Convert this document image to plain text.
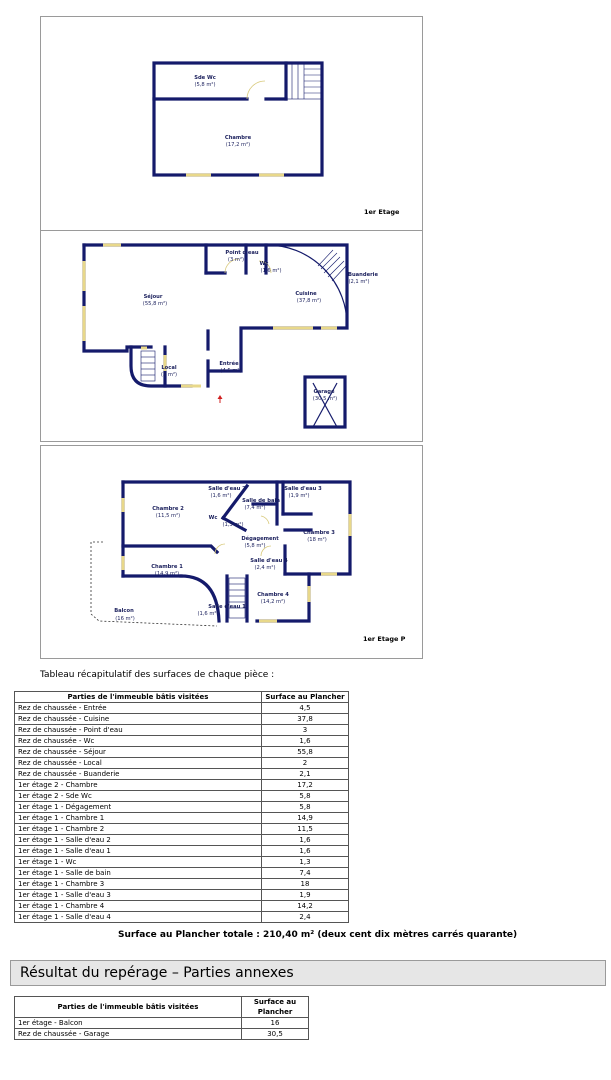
Sde Wc
(5,8 m²)
Chambre
(17,2 m²)
1er Etage
Point d'eau
(3 m²)
Wc
(1,6 m²)
Buanderie
(2,1 m²)
Séjour
(55,8 m²)
Cuisine
(37,8 m²)
Local
(2 m²)
Entrée
(4,5 m²)
Garage
(30,5 m²)
Salle d'eau 2
(1,6 m²)
Salle de bain
(7,4 m²)
Salle d'eau 3
(1,9 m²)
Chambre 2
(11,5 m²)	Wc
(1,3 m²)
Dégagement
(5,8 m²)
Chambre 3
(18 m²)
Salle d'eau 4
(2,4 m²)
Chambre 1
(14,9 m²)
Chambre 4
(14,2 m²)
Salle d'eau 1
(1,6 m²)
Balcon
(16 m²)
1er Etage P
Tableau récapitulatif des surfaces de chaque pièce :
Parties de l'immeuble bâtis visitées	Surface au Plancher
Rez de chaussée - Entrée	4,5
Rez de chaussée - Cuisine	37,8
Rez de chaussée - Point d'eau	3
Rez de chaussée - Wc	1,6
Rez de chaussée - Séjour	55,8
Rez de chaussée - Local	2
Rez de chaussée - Buanderie	2,1
1er étage 2 - Chambre	17,2
1er étage 2 - Sde Wc	5,8
1er étage 1 - Dégagement	5,8
1er étage 1 - Chambre 1	14,9
1er étage 1 - Chambre 2	11,5
1er étage 1 - Salle d'eau 2	1,6
1er étage 1 - Salle d'eau 1	1,6
1er étage 1 - Wc	1,3
1er étage 1 - Salle de bain	7,4
1er étage 1 - Chambre 3	18
1er étage 1 - Salle d'eau 3	1,9
1er étage 1 - Chambre 4	14,2
1er étage 1 - Salle d'eau 4	2,4
Surface au Plancher totale : 210,40 m² (deux cent dix mètres carrés quarante)
Résultat du repérage – Parties annexes
Parties de l'immeuble bâtis visitées	Surface au Plancher
1er étage - Balcon	16
Rez de chaussée - Garage	30,5
